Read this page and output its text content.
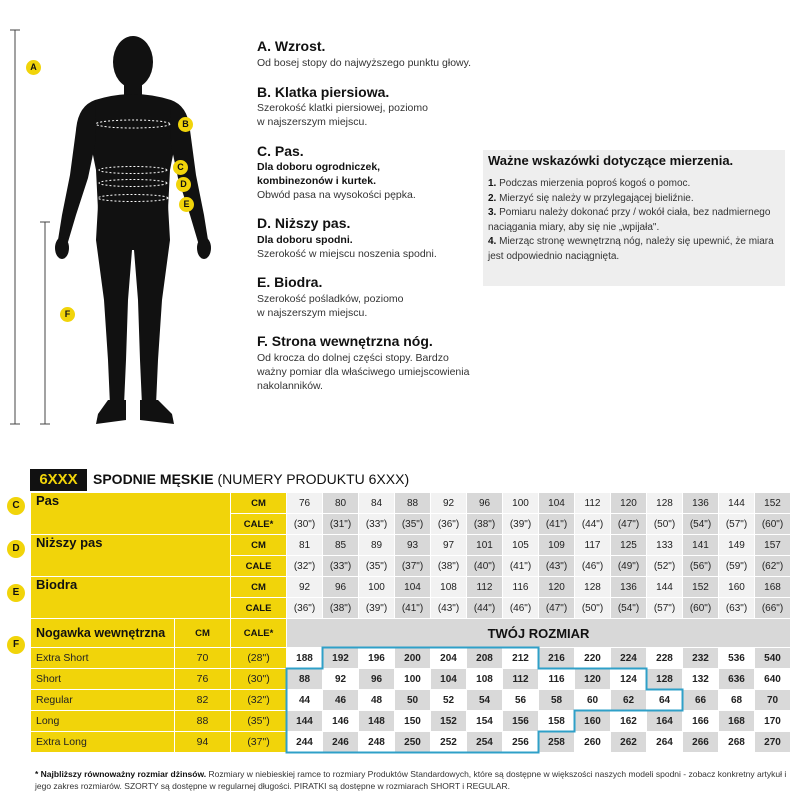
A
B
C
D
E
F
A. Wzrost.
Od bosej stopy do najwyższego punktu głowy.
B. Klatka piersiowa.
Szerokość klatki piersiowej, poziomo
w najszerszym miejscu.
C. Pas.
Dla doboru ogrodniczek,
kombinezonów i kurtek.
Obwód pasa na wysokości pępka.
D. Niższy pas.
Dla doboru spodni.
Szerokość w miejscu noszenia spodni.
E. Biodra.
Szerokość pośladków, poziomo
w najszerszym miejscu.
F. Strona wewnętrzna nóg.
Od krocza do dolnej części stopy. Bardzo
ważny pomiar dla właściwego umiejscowienia
nakolanników.
Ważne wskazówki dotyczące mierzenia.
1. Podczas mierzenia poproś kogoś o pomoc.
2. Mierzyć się należy w przylegającej bieliźnie.
3. Pomiaru należy dokonać przy / wokół ciała, bez nadmiernego naciągania miary, aby się nie „wpijała".
4. Mierząc stronę wewnętrzną nóg, należy się upewnić, że miara jest odpowiednio naciągnięta.
6XXX	SPODNIE MĘSKIE (NUMERY PRODUKTU 6XXX)
Pas		CM	76	80	84	88	92	96	100	104	112	120	128	136	144	152
		CALE*	(30")	(31")	(33")	(35")	(36")	(38")	(39")	(41")	(44")	(47")	(50")	(54")	(57")	(60")
Niższy pas		CM	81	85	89	93	97	101	105	109	117	125	133	141	149	157
		CALE	(32")	(33")	(35")	(37")	(38")	(40")	(41")	(43")	(46")	(49")	(52")	(56")	(59")	(62")
Biodra		CM	92	96	100	104	108	112	116	120	128	136	144	152	160	168
		CALE	(36")	(38")	(39")	(41")	(43")	(44")	(46")	(47")	(50")	(54")	(57")	(60")	(63")	(66")
Nogawka wewnętrzna	CM	CALE*	TWÓJ ROZMIAR													
Extra Short	70	(28")	188	192	196	200	204	208	212	216	220	224	228	232	536	540
Short	76	(30")	88	92	96	100	104	108	112	116	120	124	128	132	636	640
Regular	82	(32")	44	46	48	50	52	54	56	58	60	62	64	66	68	70
Long	88	(35")	144	146	148	150	152	154	156	158	160	162	164	166	168	170
Extra Long	94	(37")	244	246	248	250	252	254	256	258	260	262	264	266	268	270
C
D
E
F
* Najbliższy równoważny rozmiar dżinsów. Rozmiary w niebieskiej ramce to rozmiary Produktów Standardowych, które są dostępne w większości naszych modeli spodni - zobacz konkretny artykuł i jego zakres rozmiarów. SZORTY są dostępne w regularnej długości. PIRATKI są dostępne w rozmiarach SHORT i REGULAR.
